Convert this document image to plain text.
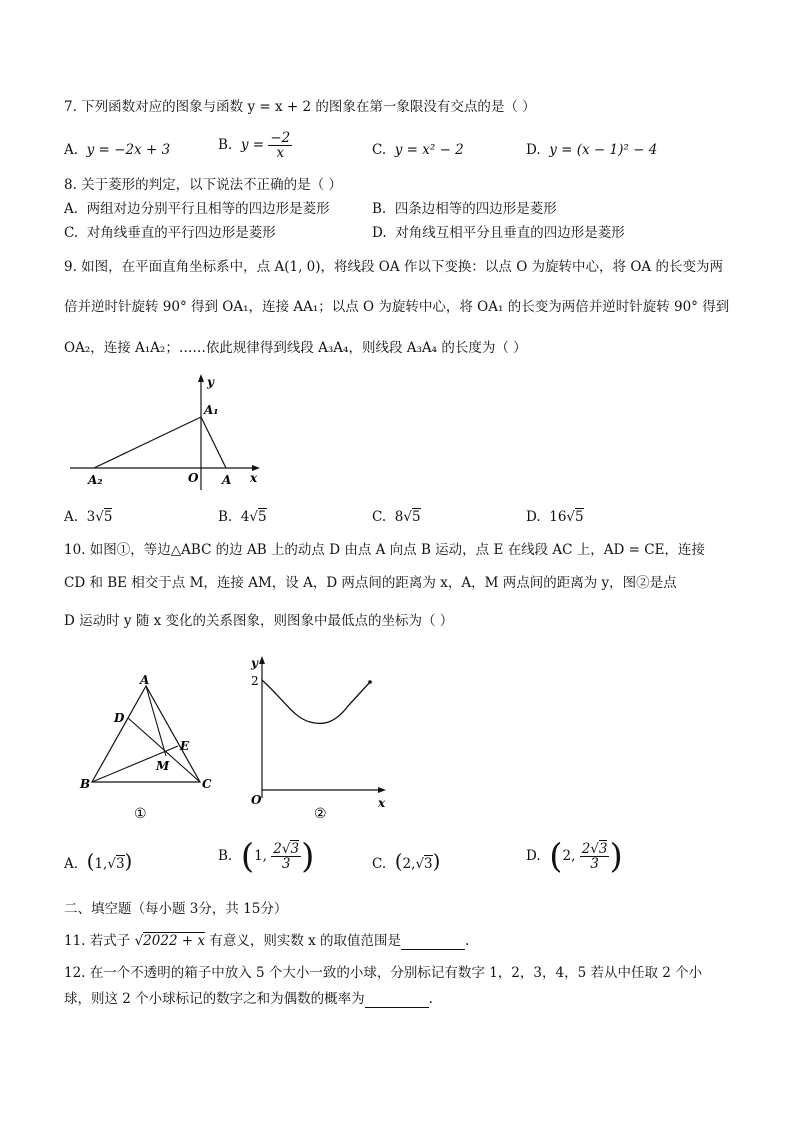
7. 下列函数对应的图象与函数 y = x + 2 的图象在第一象限没有交点的是（ ）
A. y = −2x + 3	B. $y = \frac{-2}{x}$	C. y = x² − 2	D. y = (x − 1)² − 4
8. 关于菱形的判定，以下说法不正确的是（ ）
A. 两组对边分别平行且相等的四边形是菱形	B. 四条边相等的四边形是菱形
C. 对角线垂直的平行四边形是菱形	D. 对角线互相平分且垂直的四边形是菱形
9. 如图，在平面直角坐标系中，点 A(1, 0)，将线段 OA 作以下变换：以点 O 为旋转中心，将 OA 的长变为两
倍并逆时针旋转 90° 得到 OA₁，连接 AA₁；以点 O 为旋转中心，将 OA₁ 的长变为两倍并逆时针旋转 90° 得到
OA₂，连接 A₁A₂；……依此规律得到线段 A₃A₄，则线段 A₃A₄ 的长度为（ ）
y
x
A₁
A₂	O A
A. 3√5	B. 4√5	C. 8√5	D. 16√5
10. 如图①，等边△ABC 的边 AB 上的动点 D 由点 A 向点 B 运动，点 E 在线段 AC 上，AD = CE，连接
CD 和 BE 相交于点 M，连接 AM，设 A，D 两点间的距离为 x，A，M 两点间的距离为 y，图②是点
D 运动时 y 随 x 变化的关系图象，则图象中最低点的坐标为（ ）
A
B	C
D
E
M
①
y
x
O
2
②
A. (1,√3)	B. (1, $\frac{2√3}{3}$ )	C. (2,√3)	D. (2, $\frac{2√3}{3}$ )
二、填空题（每小题 3分，共 15分）
11. 若式子 √2022 + x 有意义，则实数 x 的取值范围是	.
12. 在一个不透明的箱子中放入 5 个大小一致的小球，分别标记有数字 1，2，3，4，5 若从中任取 2 个小
球，则这 2 个小球标记的数字之和为偶数的概率为	.
